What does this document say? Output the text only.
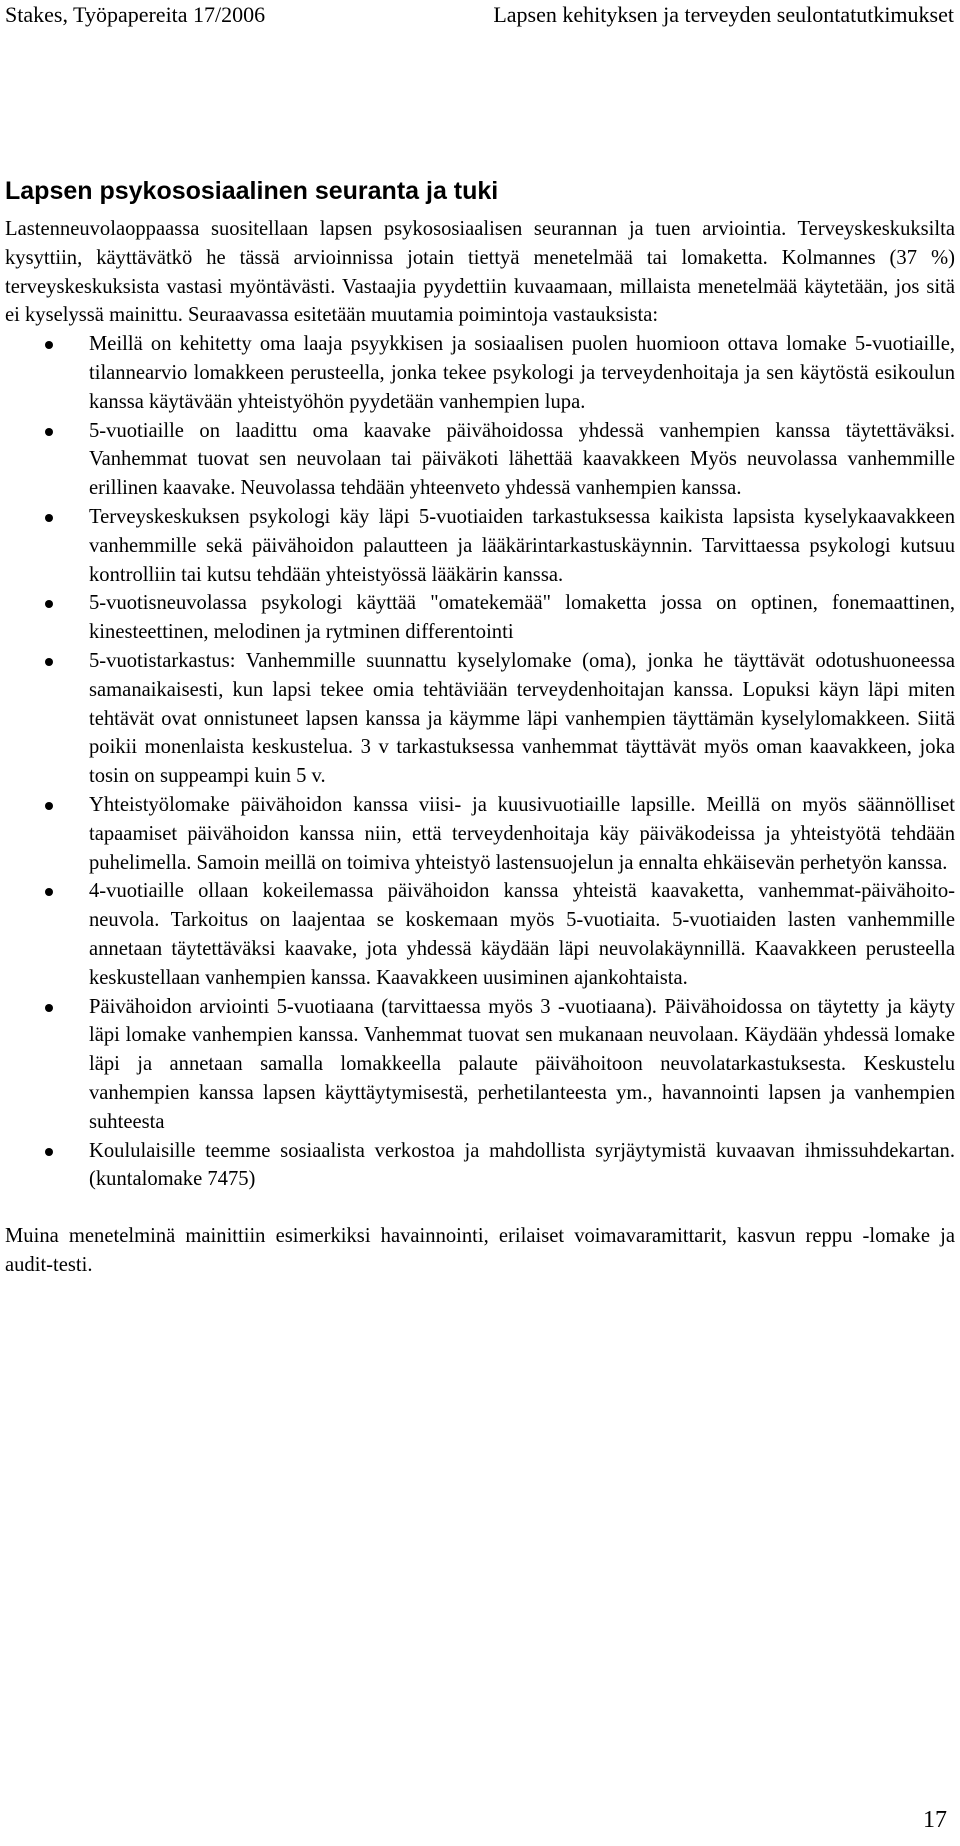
Stakes, Työpapereita 17/2006	Lapsen kehityksen ja terveyden seulontatutkimukset
Lapsen psykososiaalinen seuranta ja tuki

Lastenneuvolaoppaassa suositellaan lapsen psykososiaalisen seurannan ja tuen arviointia. Terveyskeskuksilta kysyttiin, käyttävätkö he tässä arvioinnissa jotain tiettyä menetelmää tai lomaketta. Kolmannes (37 %) terveyskeskuksista vastasi myöntävästi. Vastaajia pyydettiin kuvaamaan, millaista menetelmää käytetään, jos sitä ei kyselyssä mainittu. Seuraavassa esitetään muutamia poimintoja vastauksista:

Meillä on kehitetty oma laaja psyykkisen ja sosiaalisen puolen huomioon ottava lomake 5-vuotiaille, tilannearvio lomakkeen perusteella, jonka tekee psykologi ja terveydenhoitaja ja sen käytöstä esikoulun kanssa käytävään yhteistyöhön pyydetään vanhempien lupa.
5-vuotiaille on laadittu oma kaavake päivähoidossa yhdessä vanhempien kanssa täytettäväksi. Vanhemmat tuovat sen neuvolaan tai päiväkoti lähettää kaavakkeen Myös neuvolassa vanhemmille erillinen kaavake. Neuvolassa tehdään yhteenveto yhdessä vanhempien kanssa.
Terveyskeskuksen psykologi käy läpi 5-vuotiaiden tarkastuksessa kaikista lapsista kyselykaavakkeen vanhemmille sekä päivähoidon palautteen ja lääkärintarkastuskäynnin. Tarvittaessa psykologi kutsuu kontrolliin tai kutsu tehdään yhteistyössä lääkärin kanssa.
5-vuotisneuvolassa psykologi käyttää "omatekemää" lomaketta jossa on optinen, fonemaattinen, kinesteettinen, melodinen ja rytminen differentointi
5-vuotistarkastus: Vanhemmille suunnattu kyselylomake (oma), jonka he täyttävät odotushuoneessa samanaikaisesti, kun lapsi tekee omia tehtäviään terveydenhoitajan kanssa. Lopuksi käyn läpi miten tehtävät ovat onnistuneet lapsen kanssa ja käymme läpi vanhempien täyttämän kyselylomakkeen. Siitä poikii monenlaista keskustelua. 3 v tarkastuksessa vanhemmat täyttävät myös oman kaavakkeen, joka tosin on suppeampi kuin 5 v.
Yhteistyölomake päivähoidon kanssa viisi- ja kuusivuotiaille lapsille. Meillä on myös säännölliset tapaamiset päivähoidon kanssa niin, että terveydenhoitaja käy päiväkodeissa ja yhteistyötä tehdään puhelimella. Samoin meillä on toimiva yhteistyö lastensuojelun ja ennalta ehkäisevän perhetyön kanssa.
4-vuotiaille ollaan kokeilemassa päivähoidon kanssa yhteistä kaavaketta, vanhemmat-päivähoito-neuvola. Tarkoitus on laajentaa se koskemaan myös 5-vuotiaita. 5-vuotiaiden lasten vanhemmille annetaan täytettäväksi kaavake, jota yhdessä käydään läpi neuvolakäynnillä. Kaavakkeen perusteella keskustellaan vanhempien kanssa. Kaavakkeen uusiminen ajankohtaista.
Päivähoidon arviointi 5-vuotiaana (tarvittaessa myös 3 -vuotiaana). Päivähoidossa on täytetty ja käyty läpi lomake vanhempien kanssa. Vanhemmat tuovat sen mukanaan neuvolaan. Käydään yhdessä lomake läpi ja annetaan samalla lomakkeella palaute päivähoitoon neuvolatarkastuksesta. Keskustelu vanhempien kanssa lapsen käyttäytymisestä, perhetilanteesta ym., havannointi lapsen ja vanhempien suhteesta
Koululaisille teemme sosiaalista verkostoa ja mahdollista syrjäytymistä kuvaavan ihmissuhdekartan. (kuntalomake 7475)

Muina menetelminä mainittiin esimerkiksi havainnointi, erilaiset voimavaramittarit, kasvun reppu -lomake ja audit-testi.

17
